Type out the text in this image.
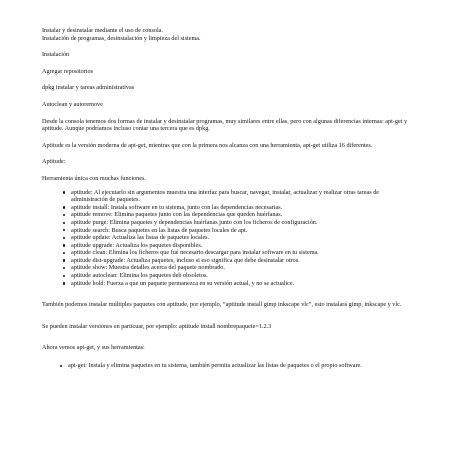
Instalar y desinstalar mediante el uso de consola.

Instalación de programas, desinstalación y limpieza del sistema.

Instalación

Agregar repositorios

dpkg instalar y tareas administrativas

Autoclean y autoremove

Desde la consola tenemos dos formas de instalar y desinstalar programas, muy similares entre ellas, pero con algunas diferencias internas: apt-get y aptitude. Aunque podríamos incluso contar una tercera que es dpkg.

Aptitude es la versión moderna de apt-get, mientras que con la primera nos alcanza con una herramienta, apt-get utiliza 16 diferentes.

Aptitude:

Herramienta única con muchas funciones.

aptitude: Al ejecutarlo sin argumentos muestra una interfaz para buscar, navegar, instalar, actualizar y realizar otras tareas de administración de paquetes.
aptitude install: Instala software en tu sistema, junto con las dependencias necesarias.
aptitude remove: Elimina paquetes junto con las dependencias que queden huérfanas.
aptitude purge: Elimina paquetes y dependencias huérfanas junto con los ficheros de configuración.
aptitude search: Busca paquetes en las listas de paquetes locales de apt.
aptitude update: Actualiza las listas de paquetes locales.
aptitude upgrade: Actualiza los paquetes disponibles.
aptitude clean: Elimina los ficheros que fué necesario descargar para instalar software en tu sistema.
aptitude dist-upgrade: Actualiza paquetes, incluso si eso significa que debe desinstalar otros.
aptitude show: Muestra detalles acerca del paquete nombrado.
aptitude autoclean: Elimina los paquetes deb obsoletos.
aptitude hold: Fuerza a que un paquete permanezca en su versión actual, y no se actualice.

También podemos instalar múltiples paquetes con aptitude, por ejemplo, “aptitude install gimp inkscape vlc”, esto instalará gimp, inkscape y vlc.

Se pueden instalar versiones en particuar, por ejemplo: aptitude install nombrepaquete=1.2.3

Ahora vemos apt-get, y sus herramientas:

apt-get: Instala y elimina paquetes en tu sistema, también permita actualizar las listas de paquetes o el propio software.
